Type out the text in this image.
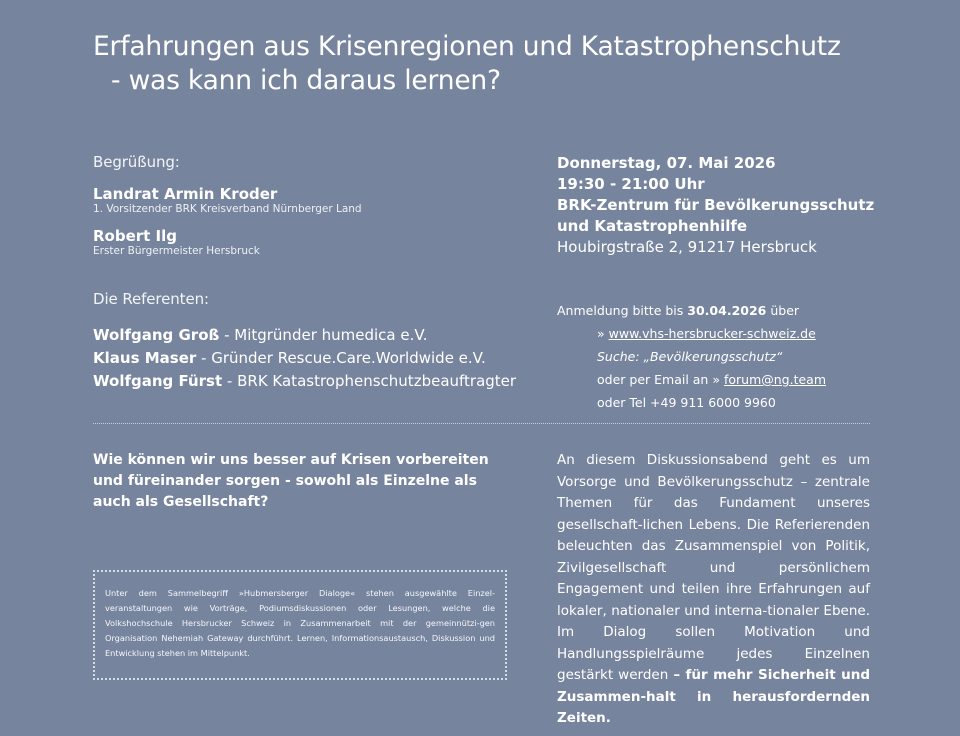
Erfahrungen aus Krisenregionen und Katastrophenschutz
- was kann ich daraus lernen?
Begrüßung:
Landrat Armin Kroder
1. Vorsitzender BRK Kreisverband Nürnberger Land
Robert Ilg
Erster Bürgermeister Hersbruck
Die Referenten:
Wolfgang Groß - Mitgründer humedica e.V.
Klaus Maser - Gründer Rescue.Care.Worldwide e.V.
Wolfgang Fürst - BRK Katastrophenschutzbeauftragter
Donnerstag, 07. Mai 2026
19:30 - 21:00 Uhr
BRK-Zentrum für Bevölkerungsschutz
und Katastrophenhilfe
Houbirgstraße 2, 91217 Hersbruck
Anmeldung bitte bis 30.04.2026 über
» www.vhs-hersbrucker-schweiz.de
Suche: „Bevölkerungsschutz“
oder per Email an » forum@ng.team
oder Tel +49 911 6000 9960
Wie können wir uns besser auf Krisen vorbereiten und füreinander sorgen - sowohl als Einzelne als auch als Gesellschaft?
An diesem Diskussionsabend geht es um Vorsorge und Bevölkerungsschutz – zentrale Themen für das Fundament unseres gesellschaft-lichen Lebens. Die Referierenden beleuchten das Zusammenspiel von Politik, Zivilgesellschaft und persönlichem Engagement und teilen ihre Erfahrungen auf lokaler, nationaler und interna-tionaler Ebene. Im Dialog sollen Motivation und Handlungsspielräume jedes Einzelnen gestärkt werden – für mehr Sicherheit und Zusammen-halt in herausfordernden Zeiten.
Unter dem Sammelbegriff »Hubmersberger Dialoge« stehen ausgewählte Einzel-veranstaltungen wie Vorträge, Podiumsdiskussionen oder Lesungen, welche die Volkshochschule Hersbrucker Schweiz in Zusammenarbeit mit der gemeinnützi-gen Organisation Nehemiah Gateway durchführt. Lernen, Informationsaustausch, Diskussion und Entwicklung stehen im Mittelpunkt.
